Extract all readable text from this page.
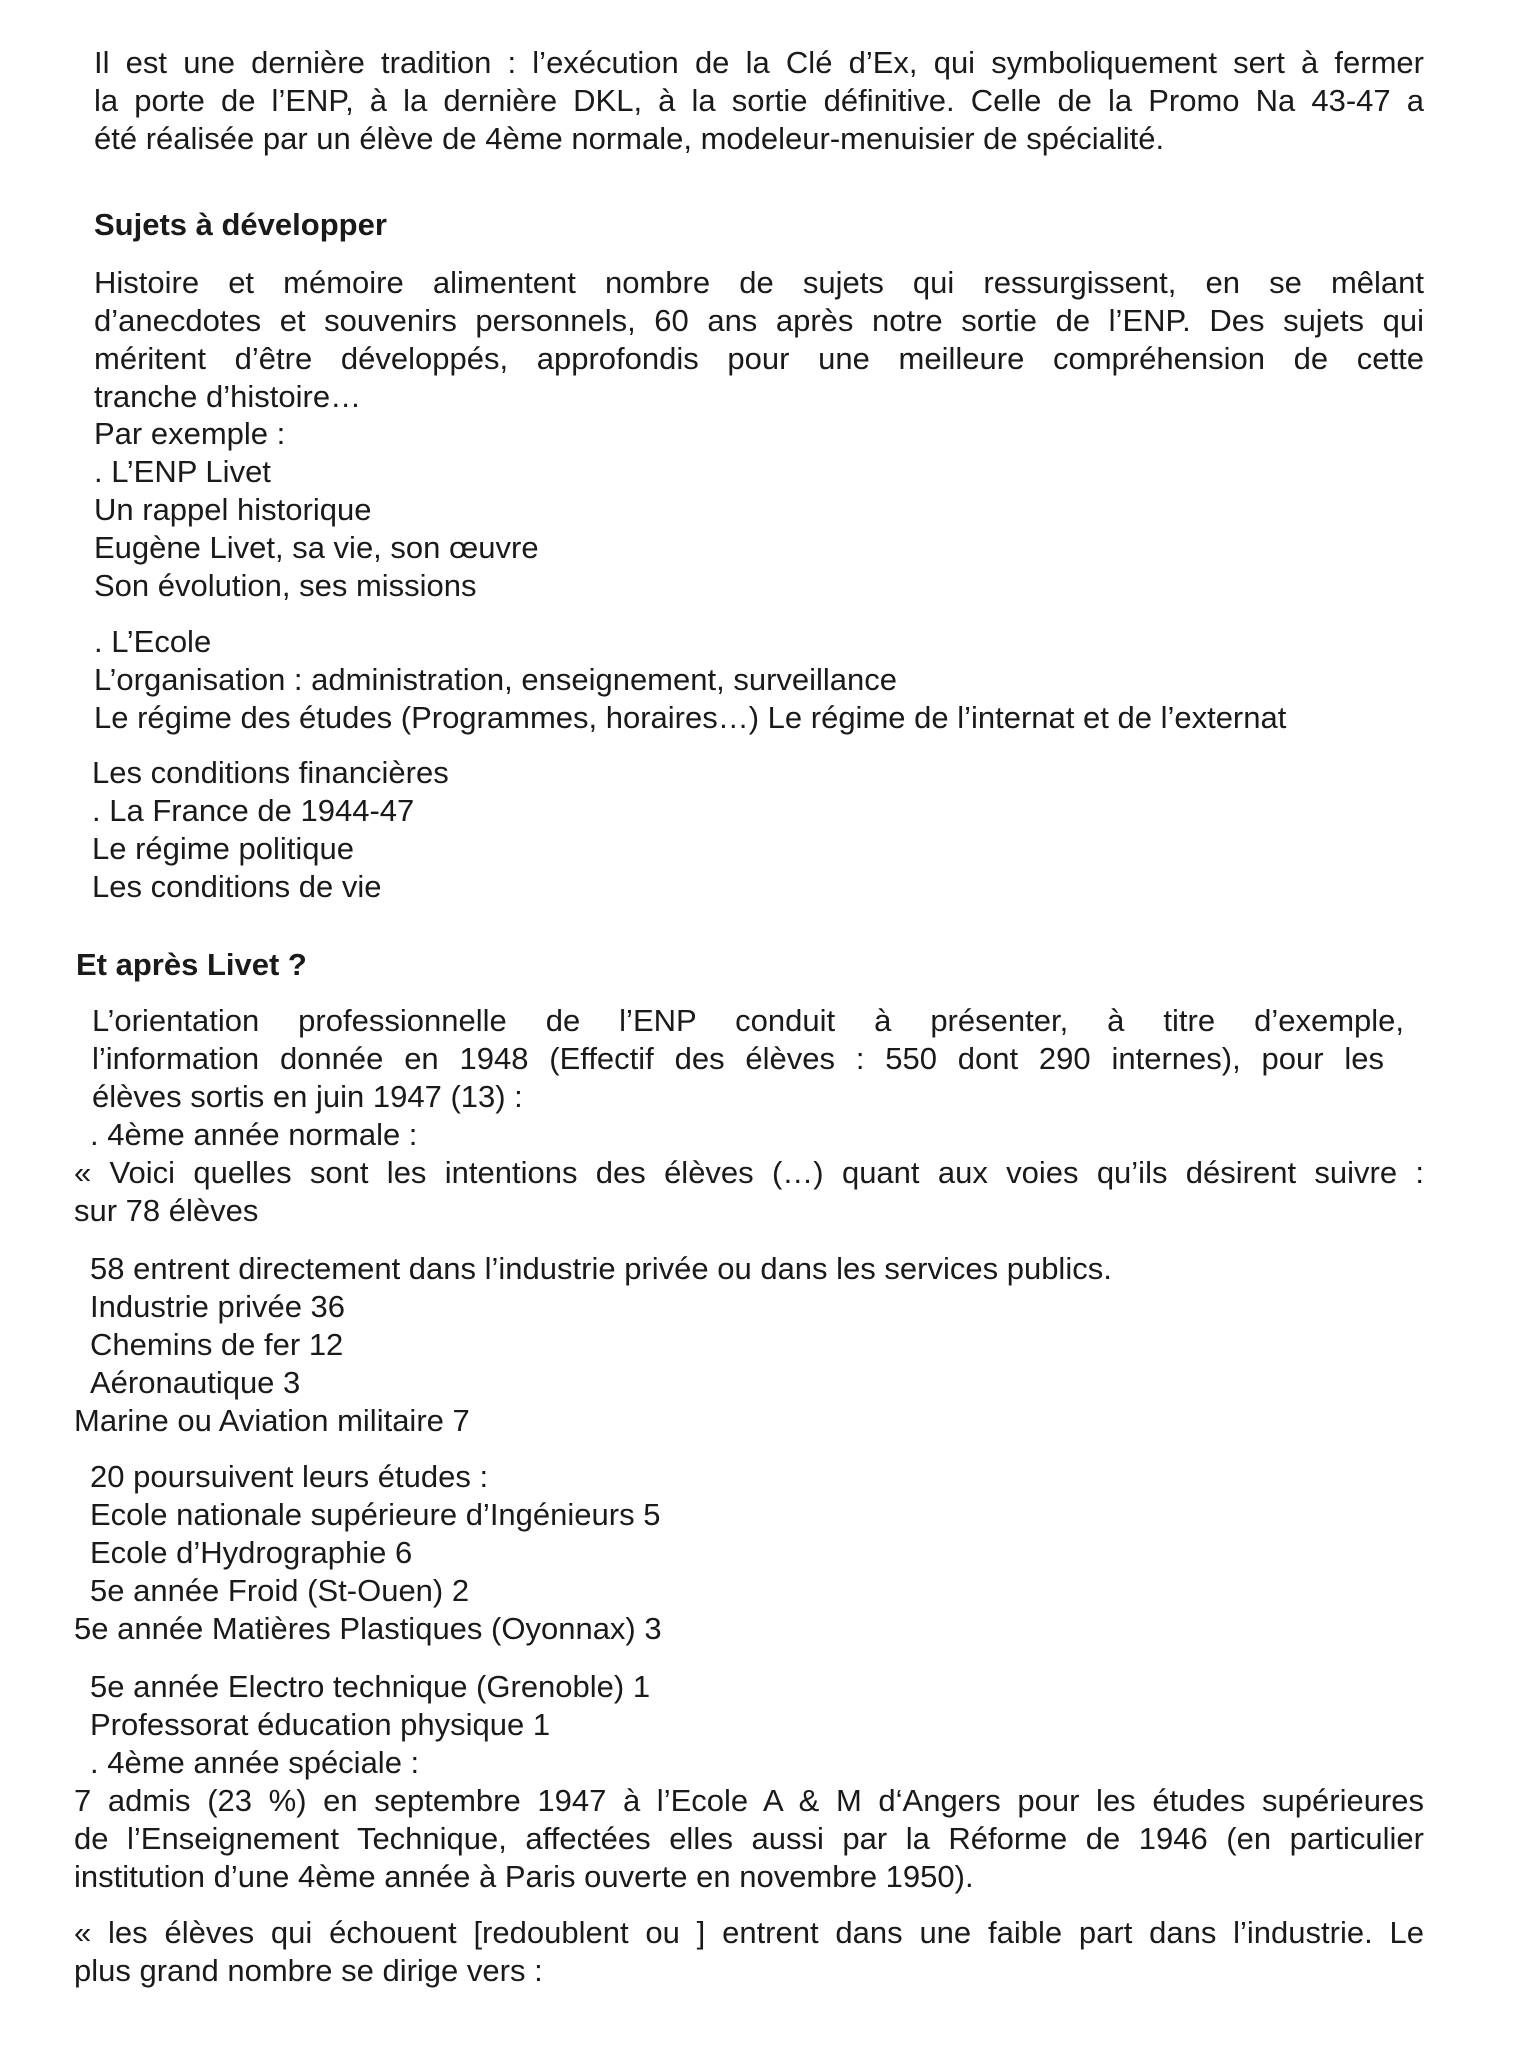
Il est une dernière tradition : l’exécution de la Clé d’Ex, qui symboliquement sert à fermer
la porte de l’ENP, à la dernière DKL, à la sortie définitive. Celle de la Promo Na 43-47 a
été réalisée par un élève de 4ème normale, modeleur-menuisier de spécialité.
Sujets à développer
Histoire et mémoire alimentent nombre de sujets qui ressurgissent, en se mêlant
d’anecdotes et souvenirs personnels, 60 ans après notre sortie de l’ENP. Des sujets qui
méritent d’être développés, approfondis pour une meilleure compréhension de cette
tranche d’histoire…
Par exemple :
. L’ENP Livet
Un rappel historique
Eugène Livet, sa vie, son œuvre
Son évolution, ses missions
. L’Ecole
L’organisation : administration, enseignement, surveillance
Le régime des études (Programmes, horaires…) Le régime de l’internat et de l’externat
Les conditions financières
. La France de 1944-47
Le régime politique
Les conditions de vie
Et après Livet ?
L’orientation professionnelle de l’ENP conduit à présenter, à titre d’exemple,
l’information donnée en 1948 (Effectif des élèves : 550 dont 290 internes), pour les
élèves sortis en juin 1947 (13) :
. 4ème année normale :
« Voici quelles sont les intentions des élèves (…) quant aux voies qu’ils désirent suivre :
sur 78 élèves
58 entrent directement dans l’industrie privée ou dans les services publics.
Industrie privée 36
Chemins de fer 12
Aéronautique 3
Marine ou Aviation militaire 7
20 poursuivent leurs études :
Ecole nationale supérieure d’Ingénieurs 5
Ecole d’Hydrographie 6
5e année Froid (St-Ouen) 2
5e année Matières Plastiques (Oyonnax) 3
5e année Electro technique (Grenoble) 1
Professorat éducation physique 1
. 4ème année spéciale :
7 admis (23 %) en septembre 1947 à l’Ecole A & M d‘Angers pour les études supérieures
de l’Enseignement Technique, affectées elles aussi par la Réforme de 1946 (en particulier
institution d’une 4ème année à Paris ouverte en novembre 1950).
« les élèves qui échouent [redoublent ou ] entrent dans une faible part dans l’industrie. Le
plus grand nombre se dirige vers :
